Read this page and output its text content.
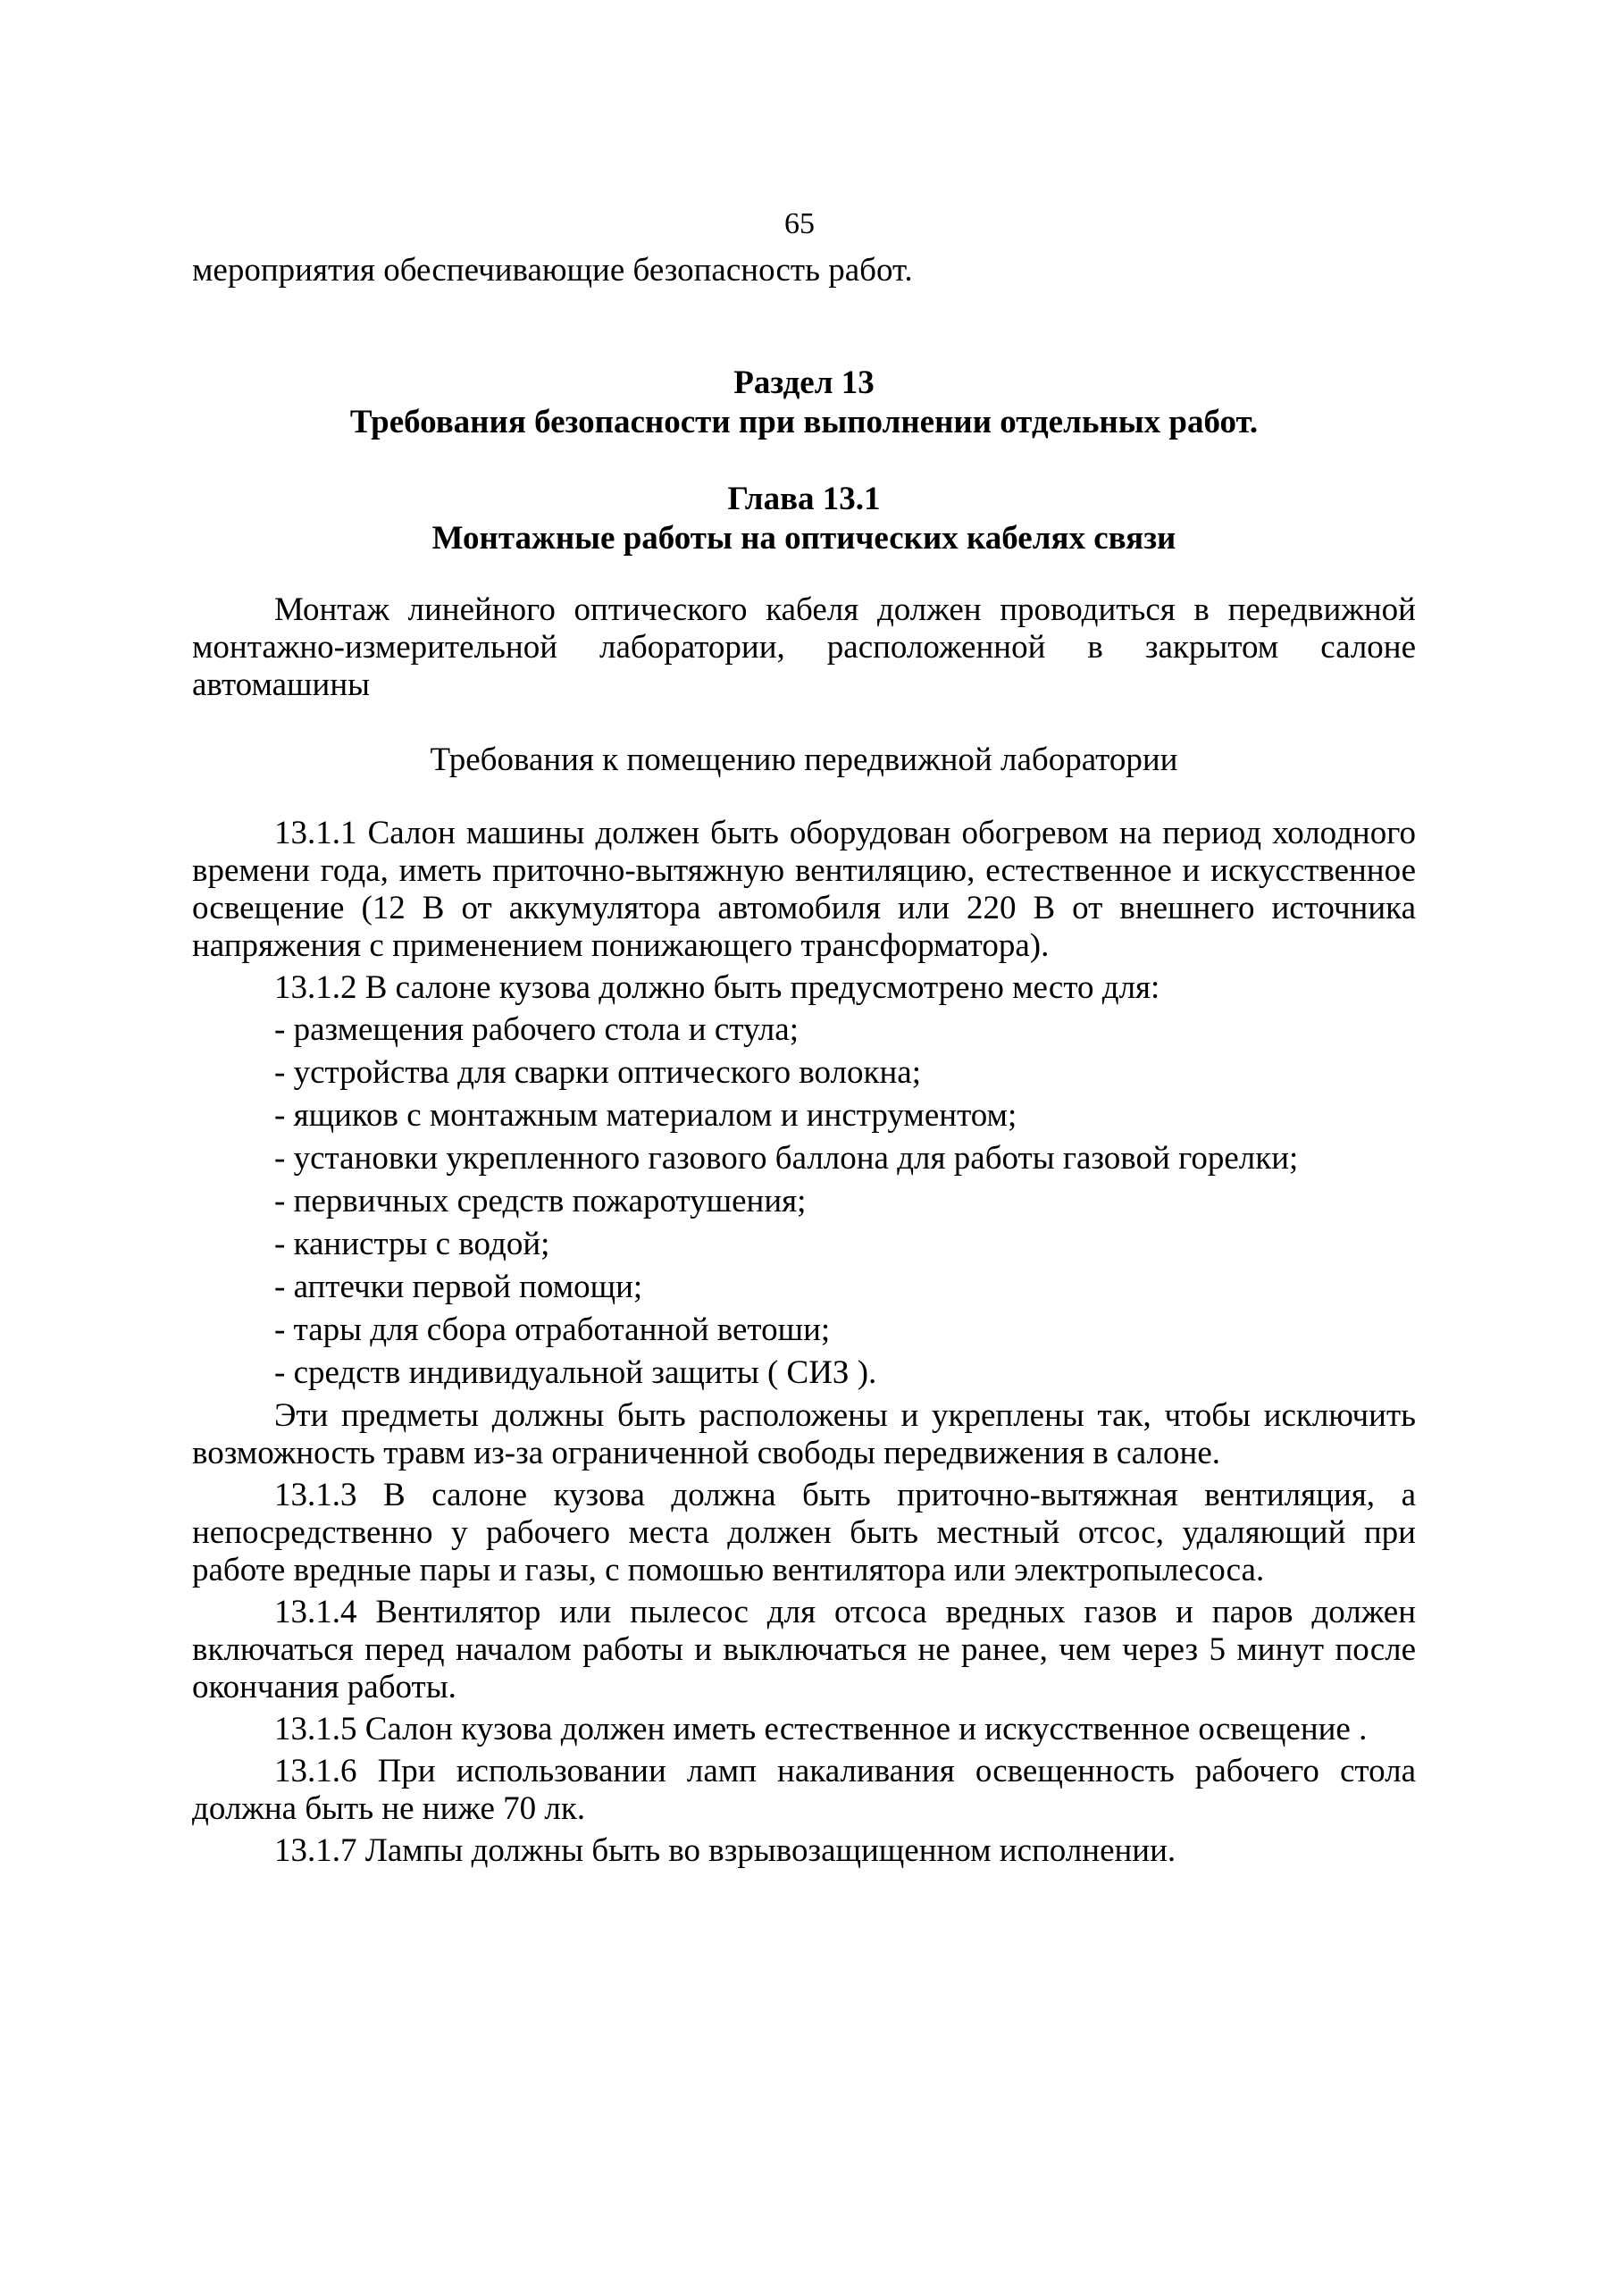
65
мероприятия обеспечивающие безопасность работ.
Раздел 13
Требования безопасности при выполнении отдельных работ.
Глава 13.1
Монтажные работы на оптических кабелях связи
Монтаж линейного оптического кабеля должен проводиться в передвижной монтажно-измерительной лаборатории, расположенной в закрытом салоне автомашины
Требования к помещению передвижной лаборатории

13.1.1 Салон машины должен быть оборудован обогревом на период холодного времени года, иметь приточно-вытяжную вентиляцию, естественное и искусственное освещение (12 В от аккумулятора автомобиля или 220 В от внешнего источника напряжения с применением понижающего трансформатора).

13.1.2 В салоне кузова должно быть предусмотрено место для:

- размещения рабочего стола и стула;
- устройства для сварки оптического волокна;
- ящиков с монтажным материалом и инструментом;
- установки укрепленного газового баллона для работы газовой горелки;
- первичных средств пожаротушения;
- канистры с водой;
- аптечки первой помощи;
- тары для сбора отработанной ветоши;
- средств индивидуальной защиты ( СИЗ ).

Эти предметы должны быть расположены и укреплены так, чтобы исключить возможность травм из-за ограниченной свободы передвижения в салоне.

13.1.3 В салоне кузова должна быть приточно-вытяжная вентиляция, а непосредственно у рабочего места должен быть местный отсос, удаляющий при работе вредные пары и газы, с помошью вентилятора или электропылесоса.

13.1.4 Вентилятор или пылесос для отсоса вредных газов и паров должен включаться перед началом работы и выключаться не ранее, чем через 5 минут после окончания работы.

13.1.5 Салон кузова должен иметь естественное и искусственное освещение .

13.1.6 При использовании ламп накаливания освещенность рабочего стола должна быть не ниже 70 лк.

13.1.7 Лампы должны быть во взрывозащищенном исполнении.
